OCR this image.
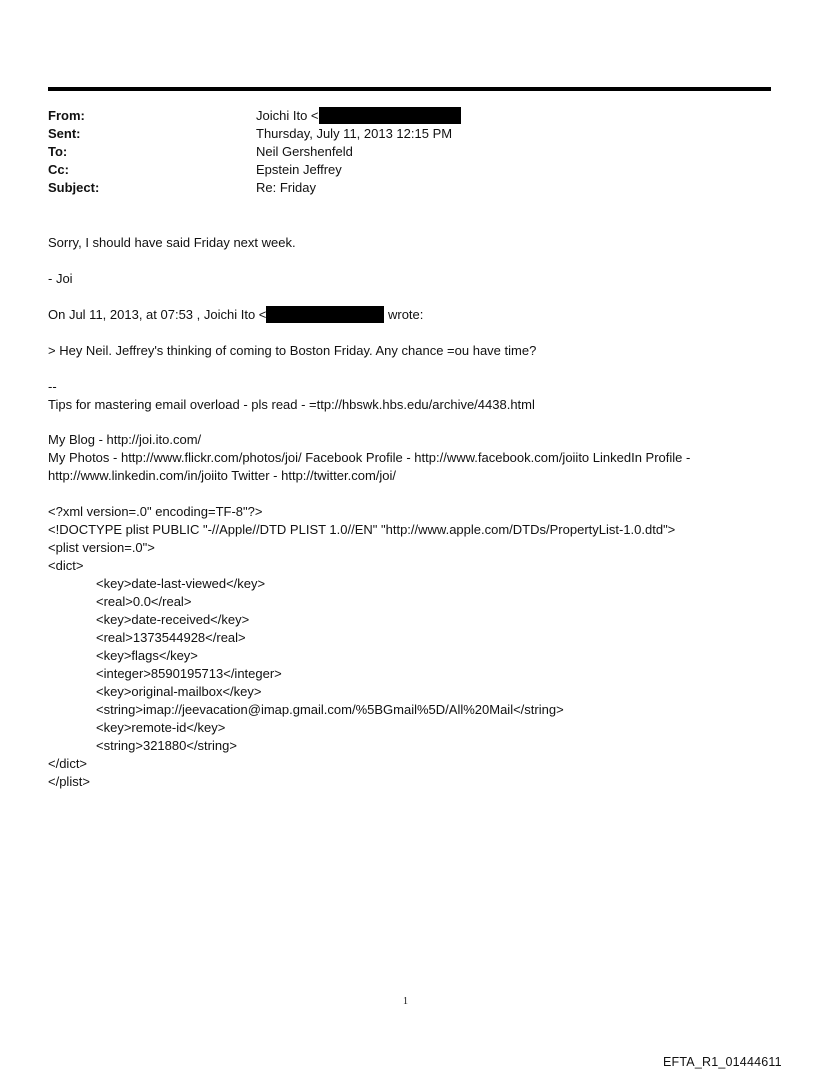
From:	Joichi Ito <
Sent:	Thursday, July 11, 2013 12:15 PM
To:	Neil Gershenfeld
Cc:	Epstein Jeffrey
Subject:	Re: Friday
Sorry, I should have said Friday next week.
- Joi
On Jul 11, 2013, at 07:53 , Joichi Ito <	wrote:
> Hey Neil. Jeffrey's thinking of coming to Boston Friday. Any chance =ou have time?
--
Tips for mastering email overload - pls read - =ttp://hbswk.hbs.edu/archive/4438.html
My Blog - http://joi.ito.com/
My Photos - http://www.flickr.com/photos/joi/ Facebook Profile - http://www.facebook.com/joiito LinkedIn Profile -
http://www.linkedin.com/in/joiito Twitter - http://twitter.com/joi/
<?xml version=.0" encoding=TF-8"?>
<!DOCTYPE plist PUBLIC "-//Apple//DTD PLIST 1.0//EN" "http://www.apple.com/DTDs/PropertyList-1.0.dtd">
<plist version=.0">
<dict>
<key>date-last-viewed</key>
<real>0.0</real>
<key>date-received</key>
<real>1373544928</real>
<key>flags</key>
<integer>8590195713</integer>
<key>original-mailbox</key>
<string>imap://jeevacation@imap.gmail.com/%5BGmail%5D/All%20Mail</string>
<key>remote-id</key>
<string>321880</string>
</dict>
</plist>
1
EFTA_R1_01444611
